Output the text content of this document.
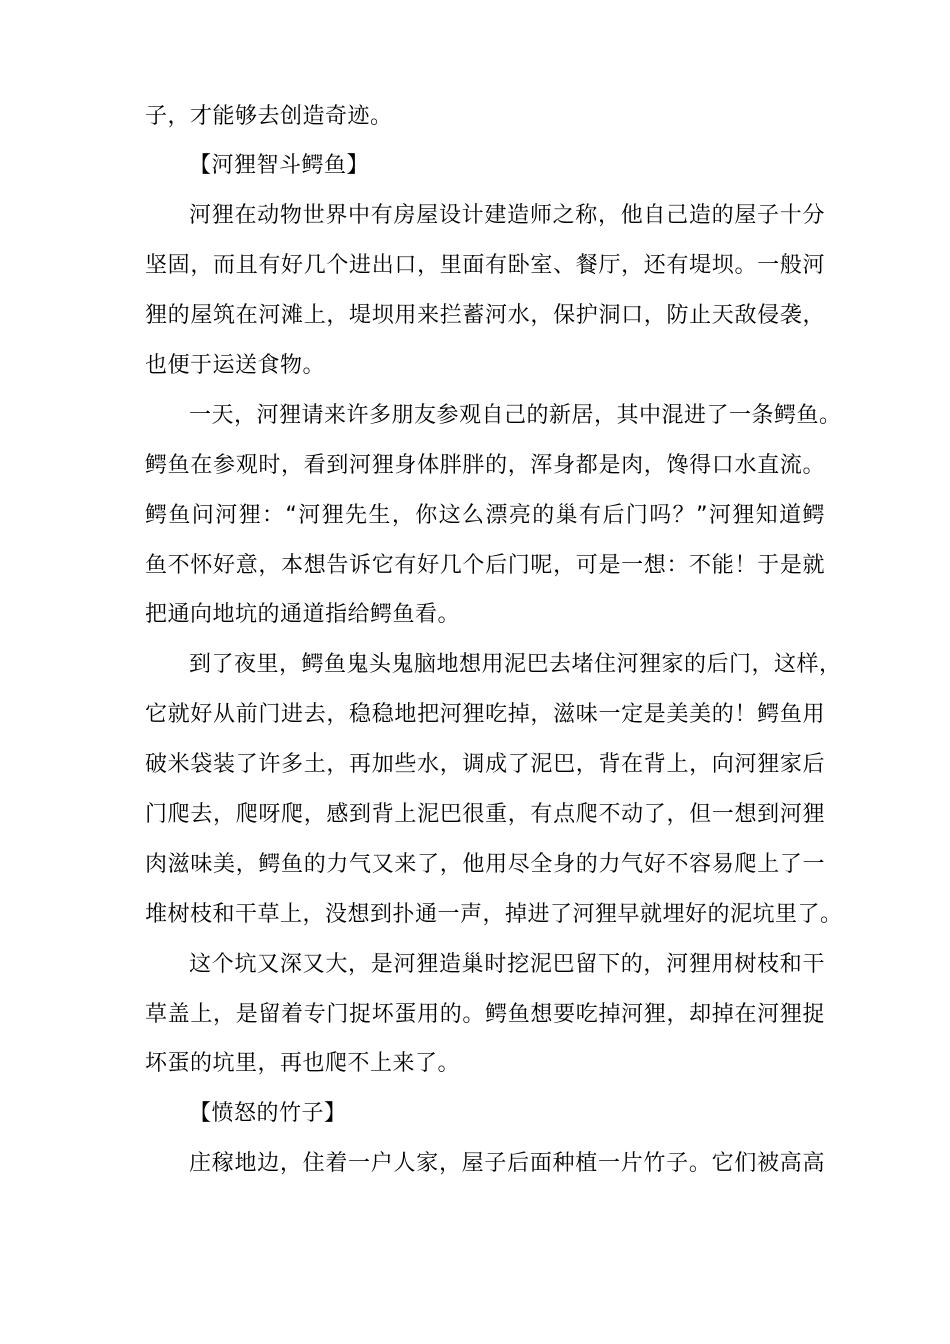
子，才能够去创造奇迹。
【河狸智斗鳄鱼】
河狸在动物世界中有房屋设计建造师之称，他自己造的屋子十分
坚固，而且有好几个进出口，里面有卧室、餐厅，还有堤坝。一般河
狸的屋筑在河滩上，堤坝用来拦蓄河水，保护洞口，防止天敌侵袭，
也便于运送食物。
一天，河狸请来许多朋友参观自己的新居，其中混进了一条鳄鱼。
鳄鱼在参观时，看到河狸身体胖胖的，浑身都是肉，馋得口水直流。
鳄鱼问河狸：“河狸先生，你这么漂亮的巢有后门吗？”河狸知道鳄
鱼不怀好意，本想告诉它有好几个后门呢，可是一想：不能！于是就
把通向地坑的通道指给鳄鱼看。
到了夜里，鳄鱼鬼头鬼脑地想用泥巴去堵住河狸家的后门，这样，
它就好从前门进去，稳稳地把河狸吃掉，滋味一定是美美的！鳄鱼用
破米袋装了许多土，再加些水，调成了泥巴，背在背上，向河狸家后
门爬去，爬呀爬，感到背上泥巴很重，有点爬不动了，但一想到河狸
肉滋味美，鳄鱼的力气又来了，他用尽全身的力气好不容易爬上了一
堆树枝和干草上，没想到扑通一声，掉进了河狸早就埋好的泥坑里了。
这个坑又深又大，是河狸造巢时挖泥巴留下的，河狸用树枝和干
草盖上，是留着专门捉坏蛋用的。鳄鱼想要吃掉河狸，却掉在河狸捉
坏蛋的坑里，再也爬不上来了。
【愤怒的竹子】
庄稼地边，住着一户人家，屋子后面种植一片竹子。它们被高高
